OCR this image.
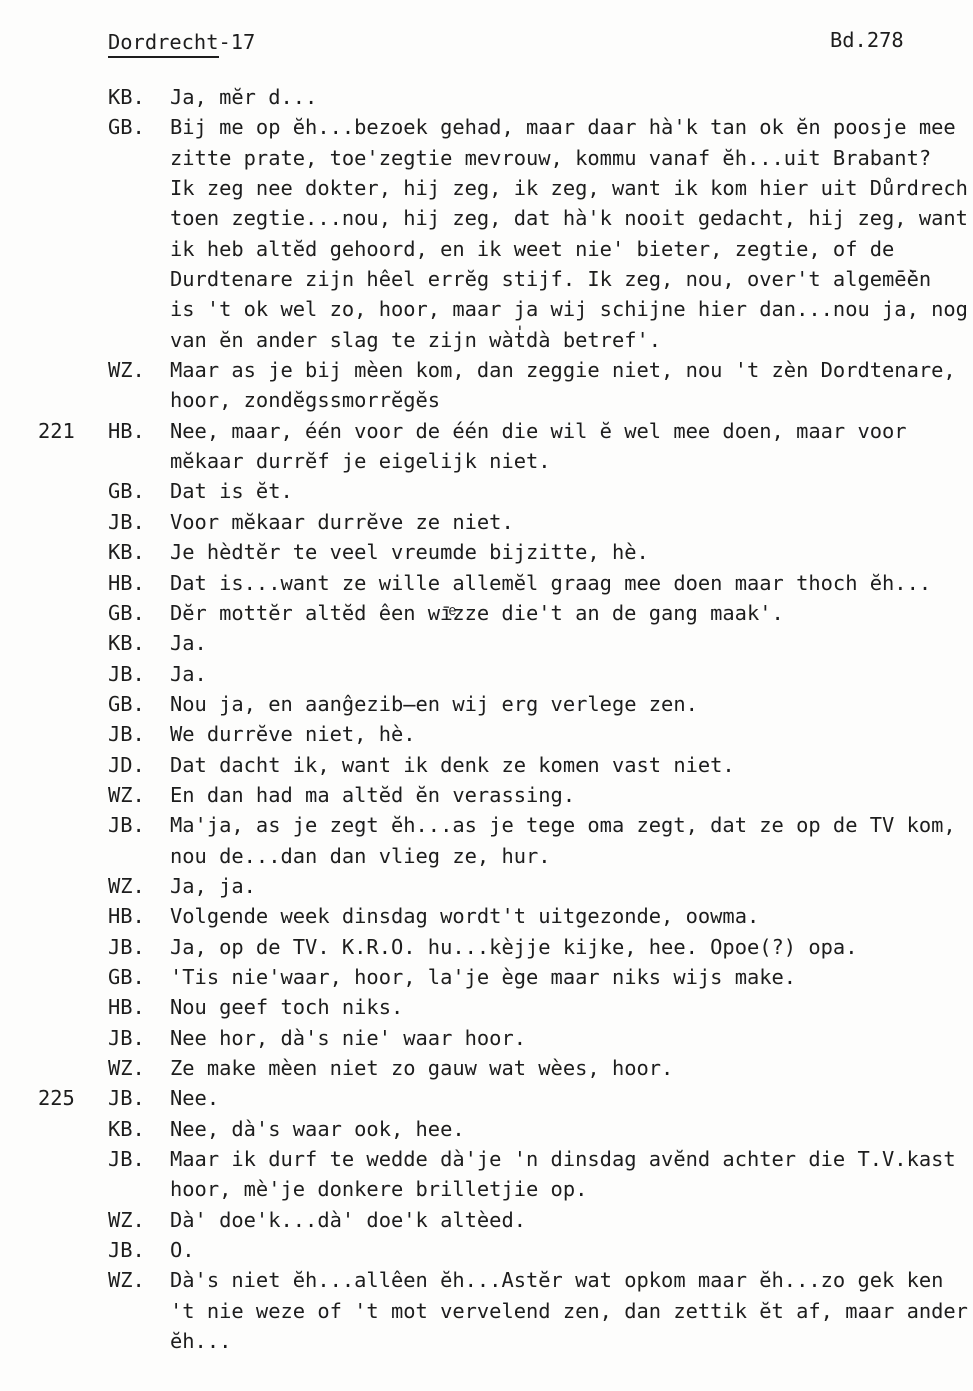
Dordrecht-17	Bd.278
KB.	Ja, mĕr d...
GB.	Bij me op ĕh...bezoek gehad, maar daar hà'k tan ok ĕn poosje mee
zitte prate, toe'zegtie mevrouw, kommu vanaf ĕh...uit Brabant?
Ik zeg nee dokter, hij zeg, ik zeg, want ik kom hier uit Důrdrech
toen zegtie...nou, hij zeg, dat hà'k nooit gedacht, hij zeg, want
ik heb altĕd gehoord, en ik weet nie' bieter, zegtie, of de
Durdtenare zijn hêel errĕg stijf. Ik zeg, nou, over't algemḕēn
is 't ok wel zo, hoor, maar ja wij schijne hier dan...nou ja, nog
van ĕn ander slag te zijn wàt̍dà betref'.
WZ.	Maar as je bij mèen kom, dan zeggie niet, nou 't zèn Dordtenare,
hoor, zondĕgssmorrĕgĕs
221	HB.	Nee, maar, één voor de één die wil ĕ wel mee doen, maar voor
mĕkaar durrĕf je eigelijk niet.
GB.	Dat is ĕt.
JB.	Voor mĕkaar durrĕve ze niet.
KB.	Je hèdtĕr te veel vreumde bijzitte, hè.
HB.	Dat is...want ze wille allemĕl graag mee doen maar thoch ĕh...
GB.	Dĕr mottĕr altĕd êen wīͤzze die't an de gang maak'.
KB.	Ja.
JB.	Ja.
GB.	Nou ja, en aanĝezib̶en wij erg verlege zen.
JB.	We durrĕve niet, hè.
JD.	Dat dacht ik, want ik denk ze komen vast niet.
WZ.	En dan had ma altĕd ĕn verassing.
JB.	Ma'ja, as je zegt ĕh...as je tege oma zegt, dat ze op de TV kom,
nou de...dan dan vlieg ze, hur.
WZ.	Ja, ja.
HB.	Volgende week dinsdag wordt't uitgezonde, oowma.
JB.	Ja, op de TV. K.R.O. hu...kèjje kijke, hee. Opoe(?) opa.
GB.	'Tis nie'waar, hoor, la'je ège maar niks wijs make.
HB.	Nou geef toch niks.
JB.	Nee hor, dà's nie' waar hoor.
WZ.	Ze make mèen niet zo gauw wat wèes, hoor.
225	JB.	Nee.
KB.	Nee, dà's waar ook, hee.
JB.	Maar ik durf te wedde dà'je 'n dinsdag avĕnd achter die T.V.kast
hoor, mè'je donkere brilletjie op.
WZ.	Dà' doe'k...dà' doe'k altèed.
JB.	O.
WZ.	Dà's niet ĕh...allêen ĕh...Astĕr wat opkom maar ĕh...zo gek ken
't nie weze of 't mot vervelend zen, dan zettik ĕt af, maar ander
ĕh...
